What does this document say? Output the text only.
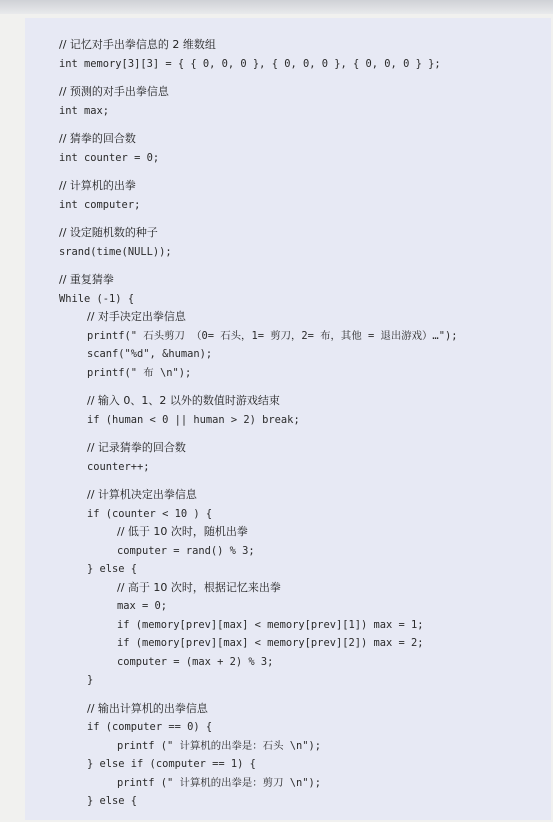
// 记忆对手出拳信息的 2 维数组
int memory[3][3] = { { 0, 0, 0 }, { 0, 0, 0 }, { 0, 0, 0 } };
// 预测的对手出拳信息
int max;
// 猜拳的回合数
int counter = 0;
// 计算机的出拳
int computer;
// 设定随机数的种子
srand(time(NULL));
// 重复猜拳
While (-1) {
// 对手决定出拳信息
printf(" 石头剪刀 （0= 石头，1= 剪刀，2= 布，其他 = 退出游戏）…");
scanf("%d", &human);
printf(" 布 \n");
// 输入 0、1、2 以外的数值时游戏结束
if (human < 0 || human > 2) break;
// 记录猜拳的回合数
counter++;
// 计算机决定出拳信息
if (counter < 10 ) {
// 低于 10 次时，随机出拳
computer = rand() % 3;
} else {
// 高于 10 次时，根据记忆来出拳
max = 0;
if (memory[prev][max] < memory[prev][1]) max = 1;
if (memory[prev][max] < memory[prev][2]) max = 2;
computer = (max + 2) % 3;
}
// 输出计算机的出拳信息
if (computer == 0) {
printf (" 计算机的出拳是：石头 \n");
} else if (computer == 1) {
printf (" 计算机的出拳是：剪刀 \n");
} else {
